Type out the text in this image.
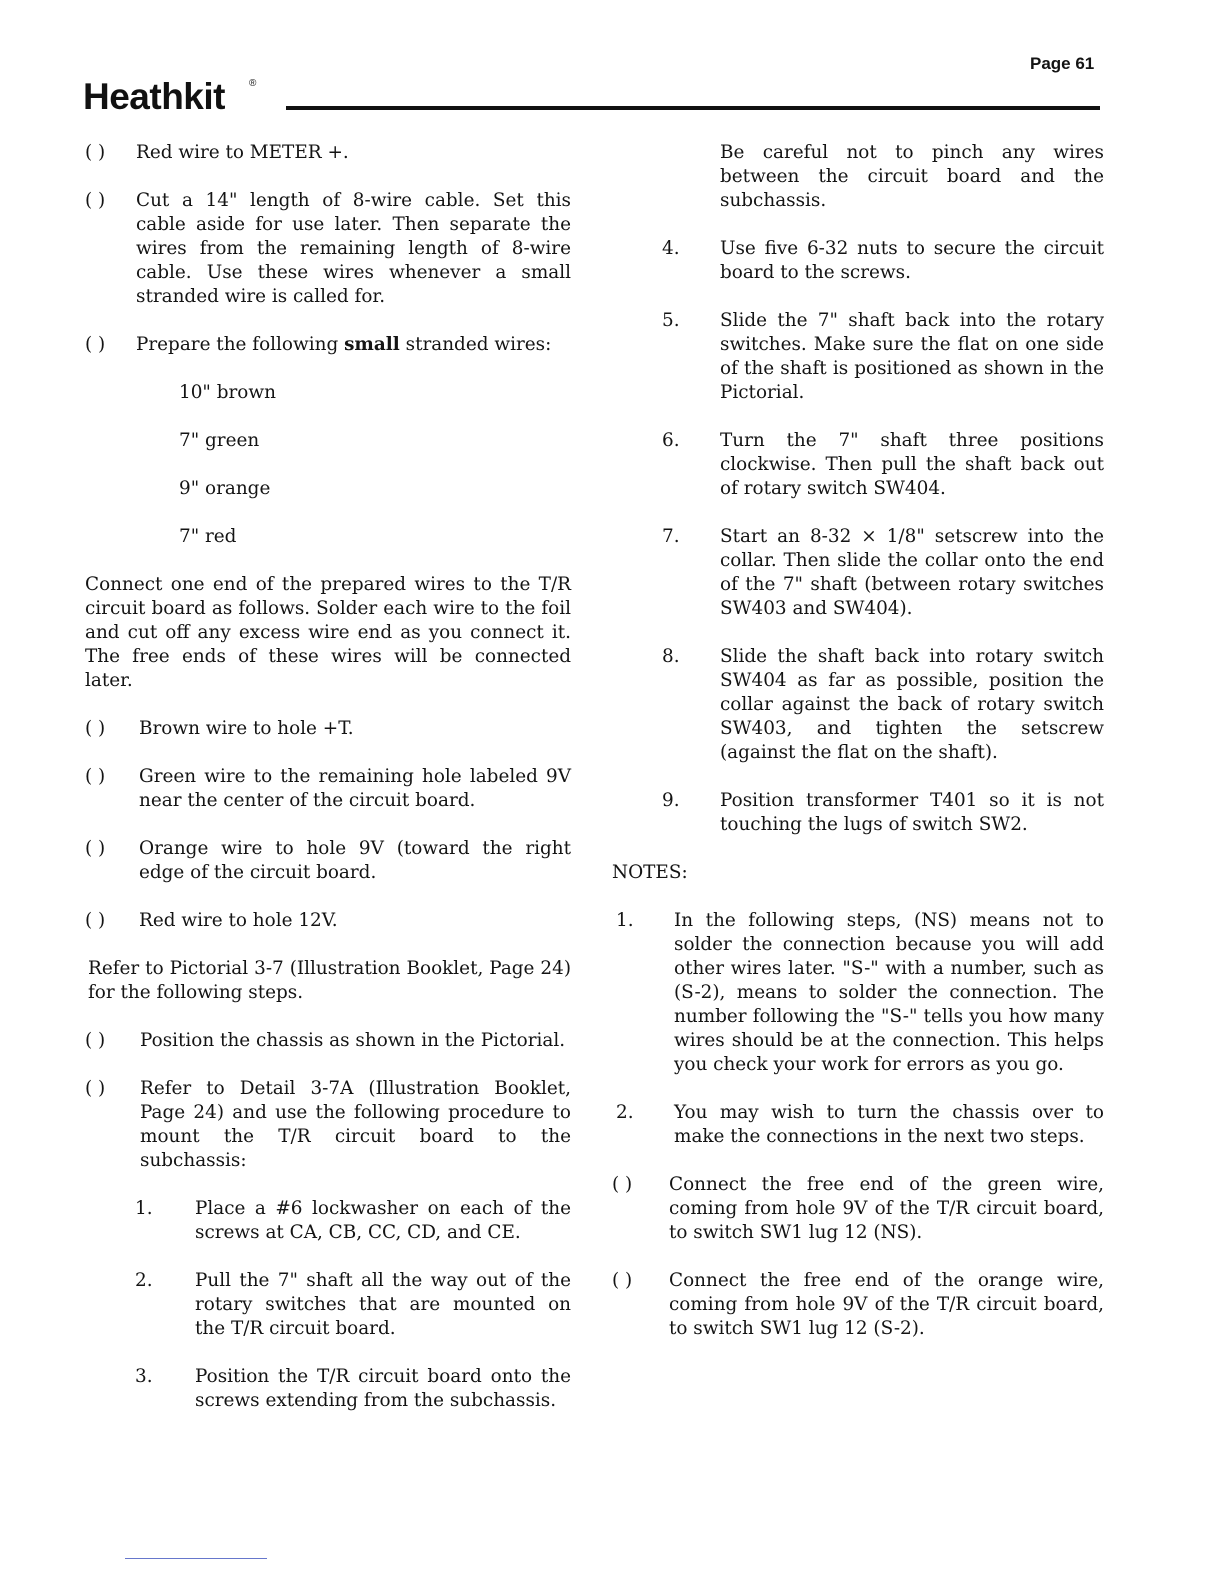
Page 61
Heathkit ®
( ) Red wire to METER +.
( ) Cut a 14" length of 8-wire cable. Set this cable aside for use later. Then separate the wires from the remaining length of 8-wire cable. Use these wires whenever a small stranded wire is called for.
( ) Prepare the following small stranded wires:
10" brown
7" green
9" orange
7" red
Connect one end of the prepared wires to the T/R circuit board as follows. Solder each wire to the foil and cut off any excess wire end as you connect it. The free ends of these wires will be connected later.
( ) Brown wire to hole +T.
( ) Green wire to the remaining hole labeled 9V near the center of the circuit board.
( ) Orange wire to hole 9V (toward the right edge of the circuit board.
( ) Red wire to hole 12V.
Refer to Pictorial 3-7 (Illustration Booklet, Page 24) for the following steps.
( ) Position the chassis as shown in the Pictorial.
( ) Refer to Detail 3-7A (Illustration Booklet, Page 24) and use the following procedure to mount the T/R circuit board to the subchassis:
1. Place a #6 lockwasher on each of the screws at CA, CB, CC, CD, and CE.
2. Pull the 7" shaft all the way out of the rotary switches that are mounted on the T/R circuit board.
3. Position the T/R circuit board onto the screws extending from the subchassis.
Be careful not to pinch any wires between the circuit board and the subchassis.
4. Use five 6-32 nuts to secure the circuit board to the screws.
5. Slide the 7" shaft back into the rotary switches. Make sure the flat on one side of the shaft is positioned as shown in the Pictorial.
6. Turn the 7" shaft three positions clockwise. Then pull the shaft back out of rotary switch SW404.
7. Start an 8-32 × 1/8" setscrew into the collar. Then slide the collar onto the end of the 7" shaft (between rotary switches SW403 and SW404).
8. Slide the shaft back into rotary switch SW404 as far as possible, position the collar against the back of rotary switch SW403, and tighten the setscrew (against the flat on the shaft).
9. Position transformer T401 so it is not touching the lugs of switch SW2.
NOTES:
1. In the following steps, (NS) means not to solder the connection because you will add other wires later. "S-" with a number, such as (S-2), means to solder the connection. The number following the "S-" tells you how many wires should be at the connection. This helps you check your work for errors as you go.
2. You may wish to turn the chassis over to make the connections in the next two steps.
( ) Connect the free end of the green wire, coming from hole 9V of the T/R circuit board, to switch SW1 lug 12 (NS).
( ) Connect the free end of the orange wire, coming from hole 9V of the T/R circuit board, to switch SW1 lug 12 (S-2).
